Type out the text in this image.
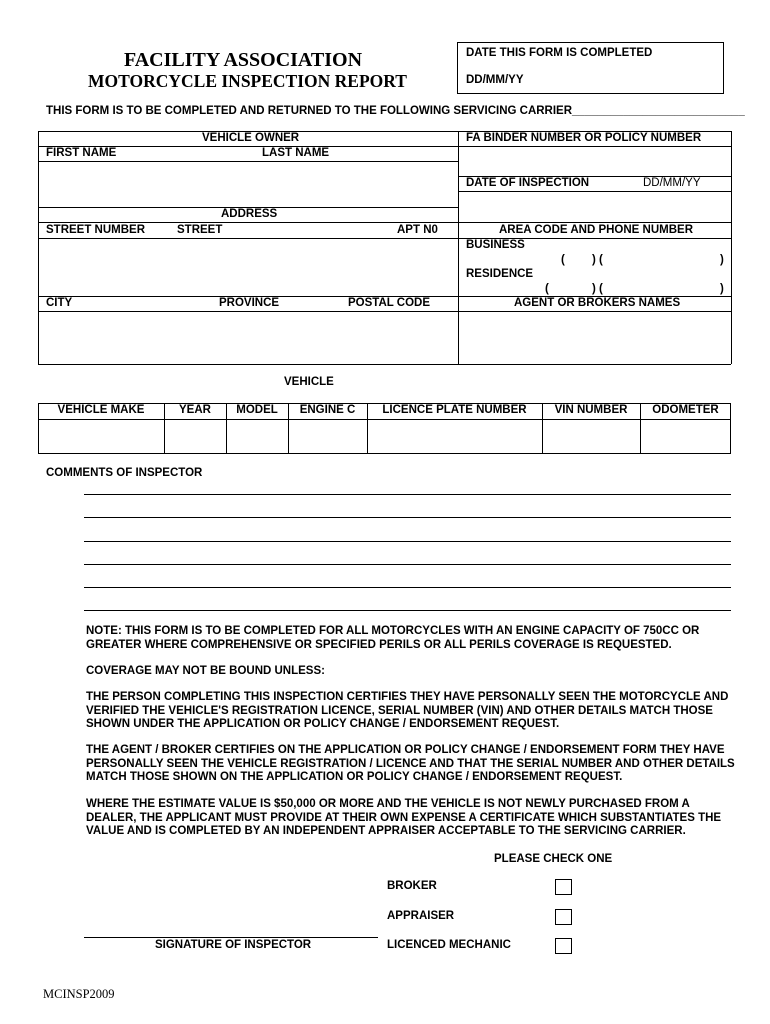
FACILITY ASSOCIATION
MOTORCYCLE INSPECTION REPORT
DATE THIS FORM IS COMPLETED
DD/MM/YY
THIS FORM IS TO BE COMPLETED AND RETURNED TO THE FOLLOWING SERVICING CARRIER___________________________
VEHICLE OWNER
FIRST NAME	LAST NAME
ADDRESS
STREET NUMBER	STREET	APT N0
CITY	PROVINCE	POSTAL CODE
FA BINDER NUMBER OR POLICY NUMBER
DATE OF INSPECTION	DD/MM/YY
AREA CODE AND PHONE NUMBER
BUSINESS
( ) (	)
RESIDENCE
(	) (	)
AGENT OR BROKERS NAMES
VEHICLE
VEHICLE MAKE	YEAR	MODEL	ENGINE C	LICENCE PLATE NUMBER	VIN NUMBER	ODOMETER
COMMENTS OF INSPECTOR
NOTE: THIS FORM IS TO BE COMPLETED FOR ALL MOTORCYCLES WITH AN ENGINE CAPACITY OF 750CC OR GREATER WHERE COMPREHENSIVE OR SPECIFIED PERILS OR ALL PERILS COVERAGE IS REQUESTED.
COVERAGE MAY NOT BE BOUND UNLESS:
THE PERSON COMPLETING THIS INSPECTION CERTIFIES THEY HAVE PERSONALLY SEEN THE MOTORCYCLE AND VERIFIED THE VEHICLE'S REGISTRATION LICENCE, SERIAL NUMBER (VIN) AND OTHER DETAILS MATCH THOSE SHOWN UNDER THE APPLICATION OR POLICY CHANGE / ENDORSEMENT REQUEST.
THE AGENT / BROKER CERTIFIES ON THE APPLICATION OR POLICY CHANGE / ENDORSEMENT FORM THEY HAVE PERSONALLY SEEN THE VEHICLE REGISTRATION / LICENCE AND THAT THE SERIAL NUMBER AND OTHER DETAILS MATCH THOSE SHOWN ON THE APPLICATION OR POLICY CHANGE / ENDORSEMENT REQUEST.
WHERE THE ESTIMATE VALUE IS $50,000 OR MORE AND THE VEHICLE IS NOT NEWLY PURCHASED FROM A DEALER, THE APPLICANT MUST PROVIDE AT THEIR OWN EXPENSE A CERTIFICATE WHICH SUBSTANTIATES THE VALUE AND IS COMPLETED BY AN INDEPENDENT APPRAISER ACCEPTABLE TO THE SERVICING CARRIER.
PLEASE CHECK ONE
BROKER
APPRAISER
LICENCED MECHANIC
SIGNATURE OF INSPECTOR
MCINSP2009
